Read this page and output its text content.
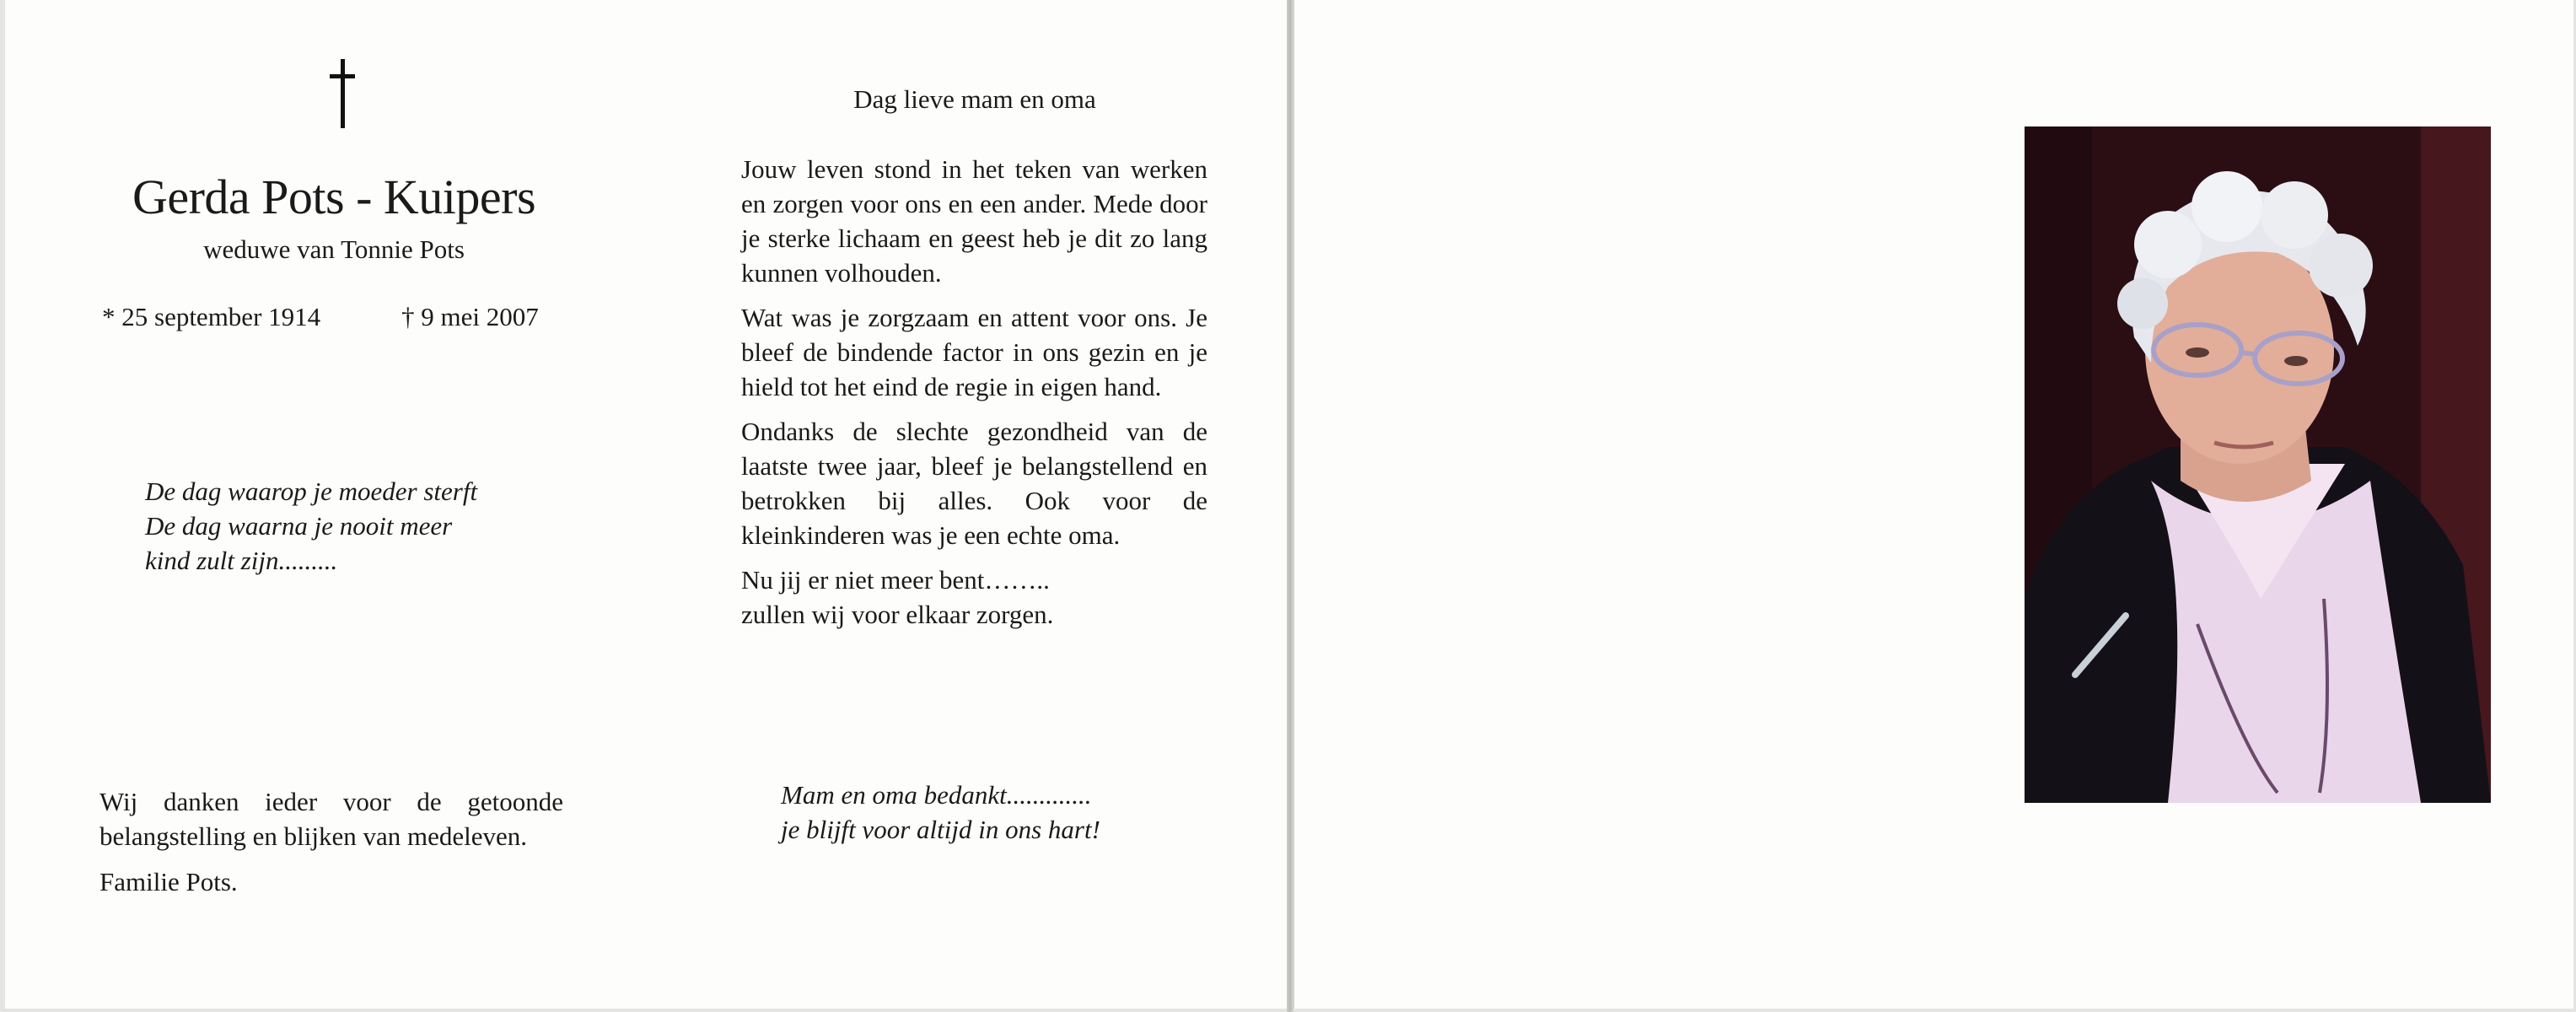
Gerda Pots - Kuipers

weduwe van Tonnie Pots

* 25 september 1914	† 9 mei 2007

De dag waarop je moeder sterft
De dag waarna je nooit meer
kind zult zijn.........

Wij danken ieder voor de getoonde belangstelling en blijken van medeleven.

Familie Pots.

Dag lieve mam en oma

Jouw leven stond in het teken van werken en zorgen voor ons en een ander. Mede door je sterke lichaam en geest heb je dit zo lang kunnen volhouden.

Wat was je zorgzaam en attent voor ons. Je bleef de bindende factor in ons gezin en je hield tot het eind de regie in eigen hand.

Ondanks de slechte gezondheid van de laatste twee jaar, bleef je belangstellend en betrokken bij alles. Ook voor de kleinkinderen was je een echte oma.

Nu jij er niet meer bent……..
zullen wij voor elkaar zorgen.

Mam en oma bedankt.............
je blijft voor altijd in ons hart!
